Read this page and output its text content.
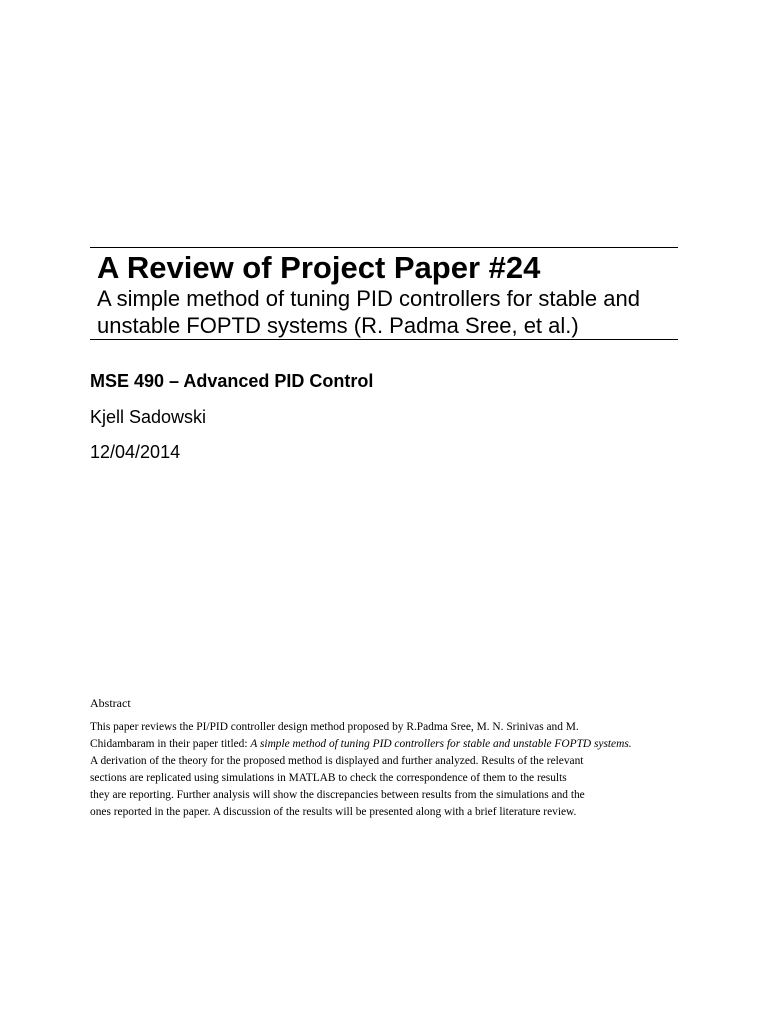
A Review of Project Paper #24
A simple method of tuning PID controllers for stable and
unstable FOPTD systems (R. Padma Sree, et al.)

MSE 490 – Advanced PID Control

Kjell Sadowski

12/04/2014

Abstract

This paper reviews the PI/PID controller design method proposed by R.Padma Sree, M. N. Srinivas and M.
Chidambaram in their paper titled: A simple method of tuning PID controllers for stable and unstable FOPTD systems.
A derivation of the theory for the proposed method is displayed and further analyzed. Results of the relevant
sections are replicated using simulations in MATLAB to check the correspondence of them to the results
they are reporting. Further analysis will show the discrepancies between results from the simulations and the
ones reported in the paper. A discussion of the results will be presented along with a brief literature review.
